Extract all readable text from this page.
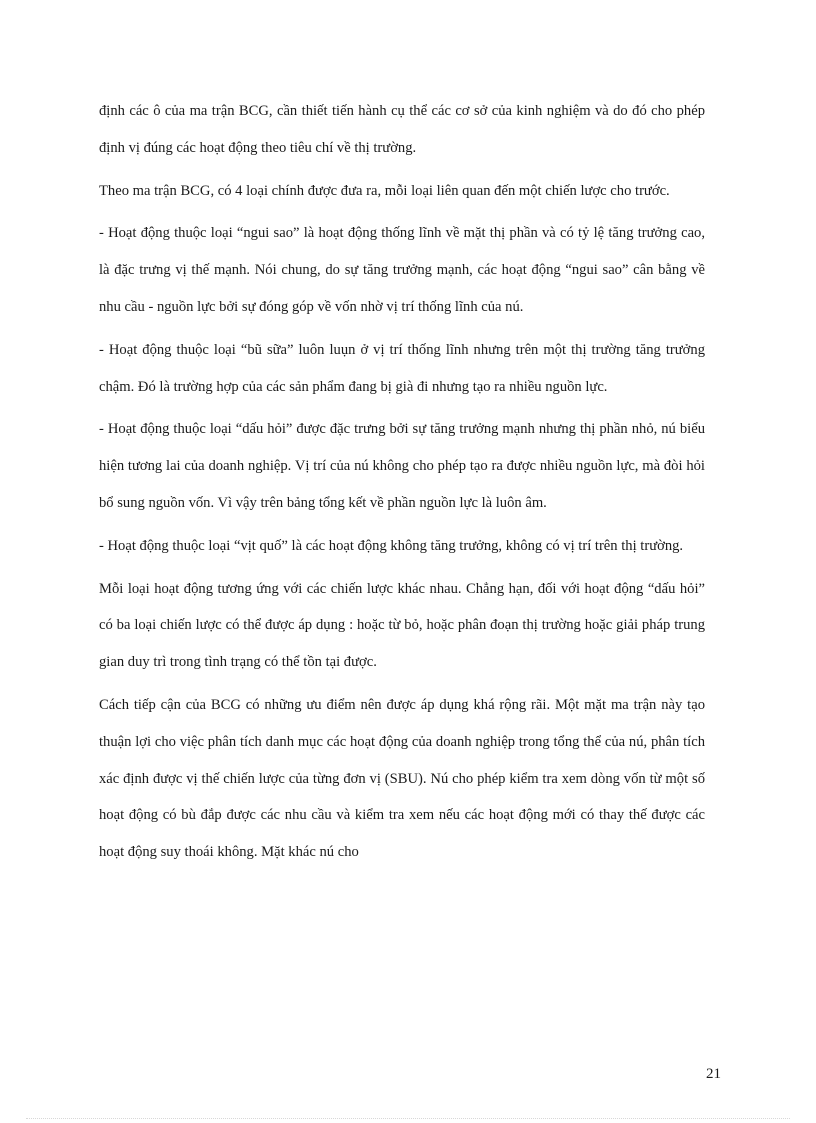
định các ô của ma trận BCG, cần thiết tiến hành cụ thể các cơ sở của kinh nghiệm và do đó cho phép định vị đúng các hoạt động theo tiêu chí về thị trường.

Theo ma trận BCG, có 4 loại chính được đưa ra, mỗi loại liên quan đến một chiến lược cho trước.

- Hoạt động thuộc loại “ngui sao” là hoạt động thống lĩnh về mặt thị phần và có tỷ lệ tăng trưởng cao, là đặc trưng vị thế mạnh. Nói chung, do sự tăng trưởng mạnh, các hoạt động “ngui sao” cân bằng về nhu cầu - nguồn lực bởi sự đóng góp về vốn nhờ vị trí thống lĩnh của nú.

- Hoạt động thuộc loại “bũ sữa” luôn luụn ở vị trí thống lĩnh nhưng trên một thị trường tăng trưởng chậm. Đó là trường hợp của các sản phẩm đang bị già đi nhưng tạo ra nhiều nguồn lực.

- Hoạt động thuộc loại “dấu hỏi” được đặc trưng bởi sự tăng trưởng mạnh nhưng thị phần nhỏ, nú biểu hiện tương lai của doanh nghiệp. Vị trí của nú không cho phép tạo ra được nhiều nguồn lực, mà đòi hỏi bổ sung nguồn vốn. Vì vậy trên bảng tổng kết về phần nguồn lực là luôn âm.

- Hoạt động thuộc loại “vịt quố” là các hoạt động không tăng trưởng, không có vị trí trên thị trường.

Mỗi loại hoạt động tương ứng với các chiến lược khác nhau. Chẳng hạn, đối với hoạt động “dấu hỏi” có ba loại chiến lược có thể được áp dụng : hoặc từ bỏ, hoặc phân đoạn thị trường hoặc giải pháp trung gian duy trì trong tình trạng có thể tồn tại được.

Cách tiếp cận của BCG có những ưu điểm nên được áp dụng khá rộng rãi. Một mặt ma trận này tạo thuận lợi cho việc phân tích danh mục các hoạt động của doanh nghiệp trong tổng thể của nú, phân tích xác định được vị thế chiến lược của từng đơn vị (SBU). Nú cho phép kiểm tra xem dòng vốn từ một số hoạt động có bù đắp được các nhu cầu và kiểm tra xem nếu các hoạt động mới có thay thế được các hoạt động suy thoái không. Mặt khác nú cho

21
